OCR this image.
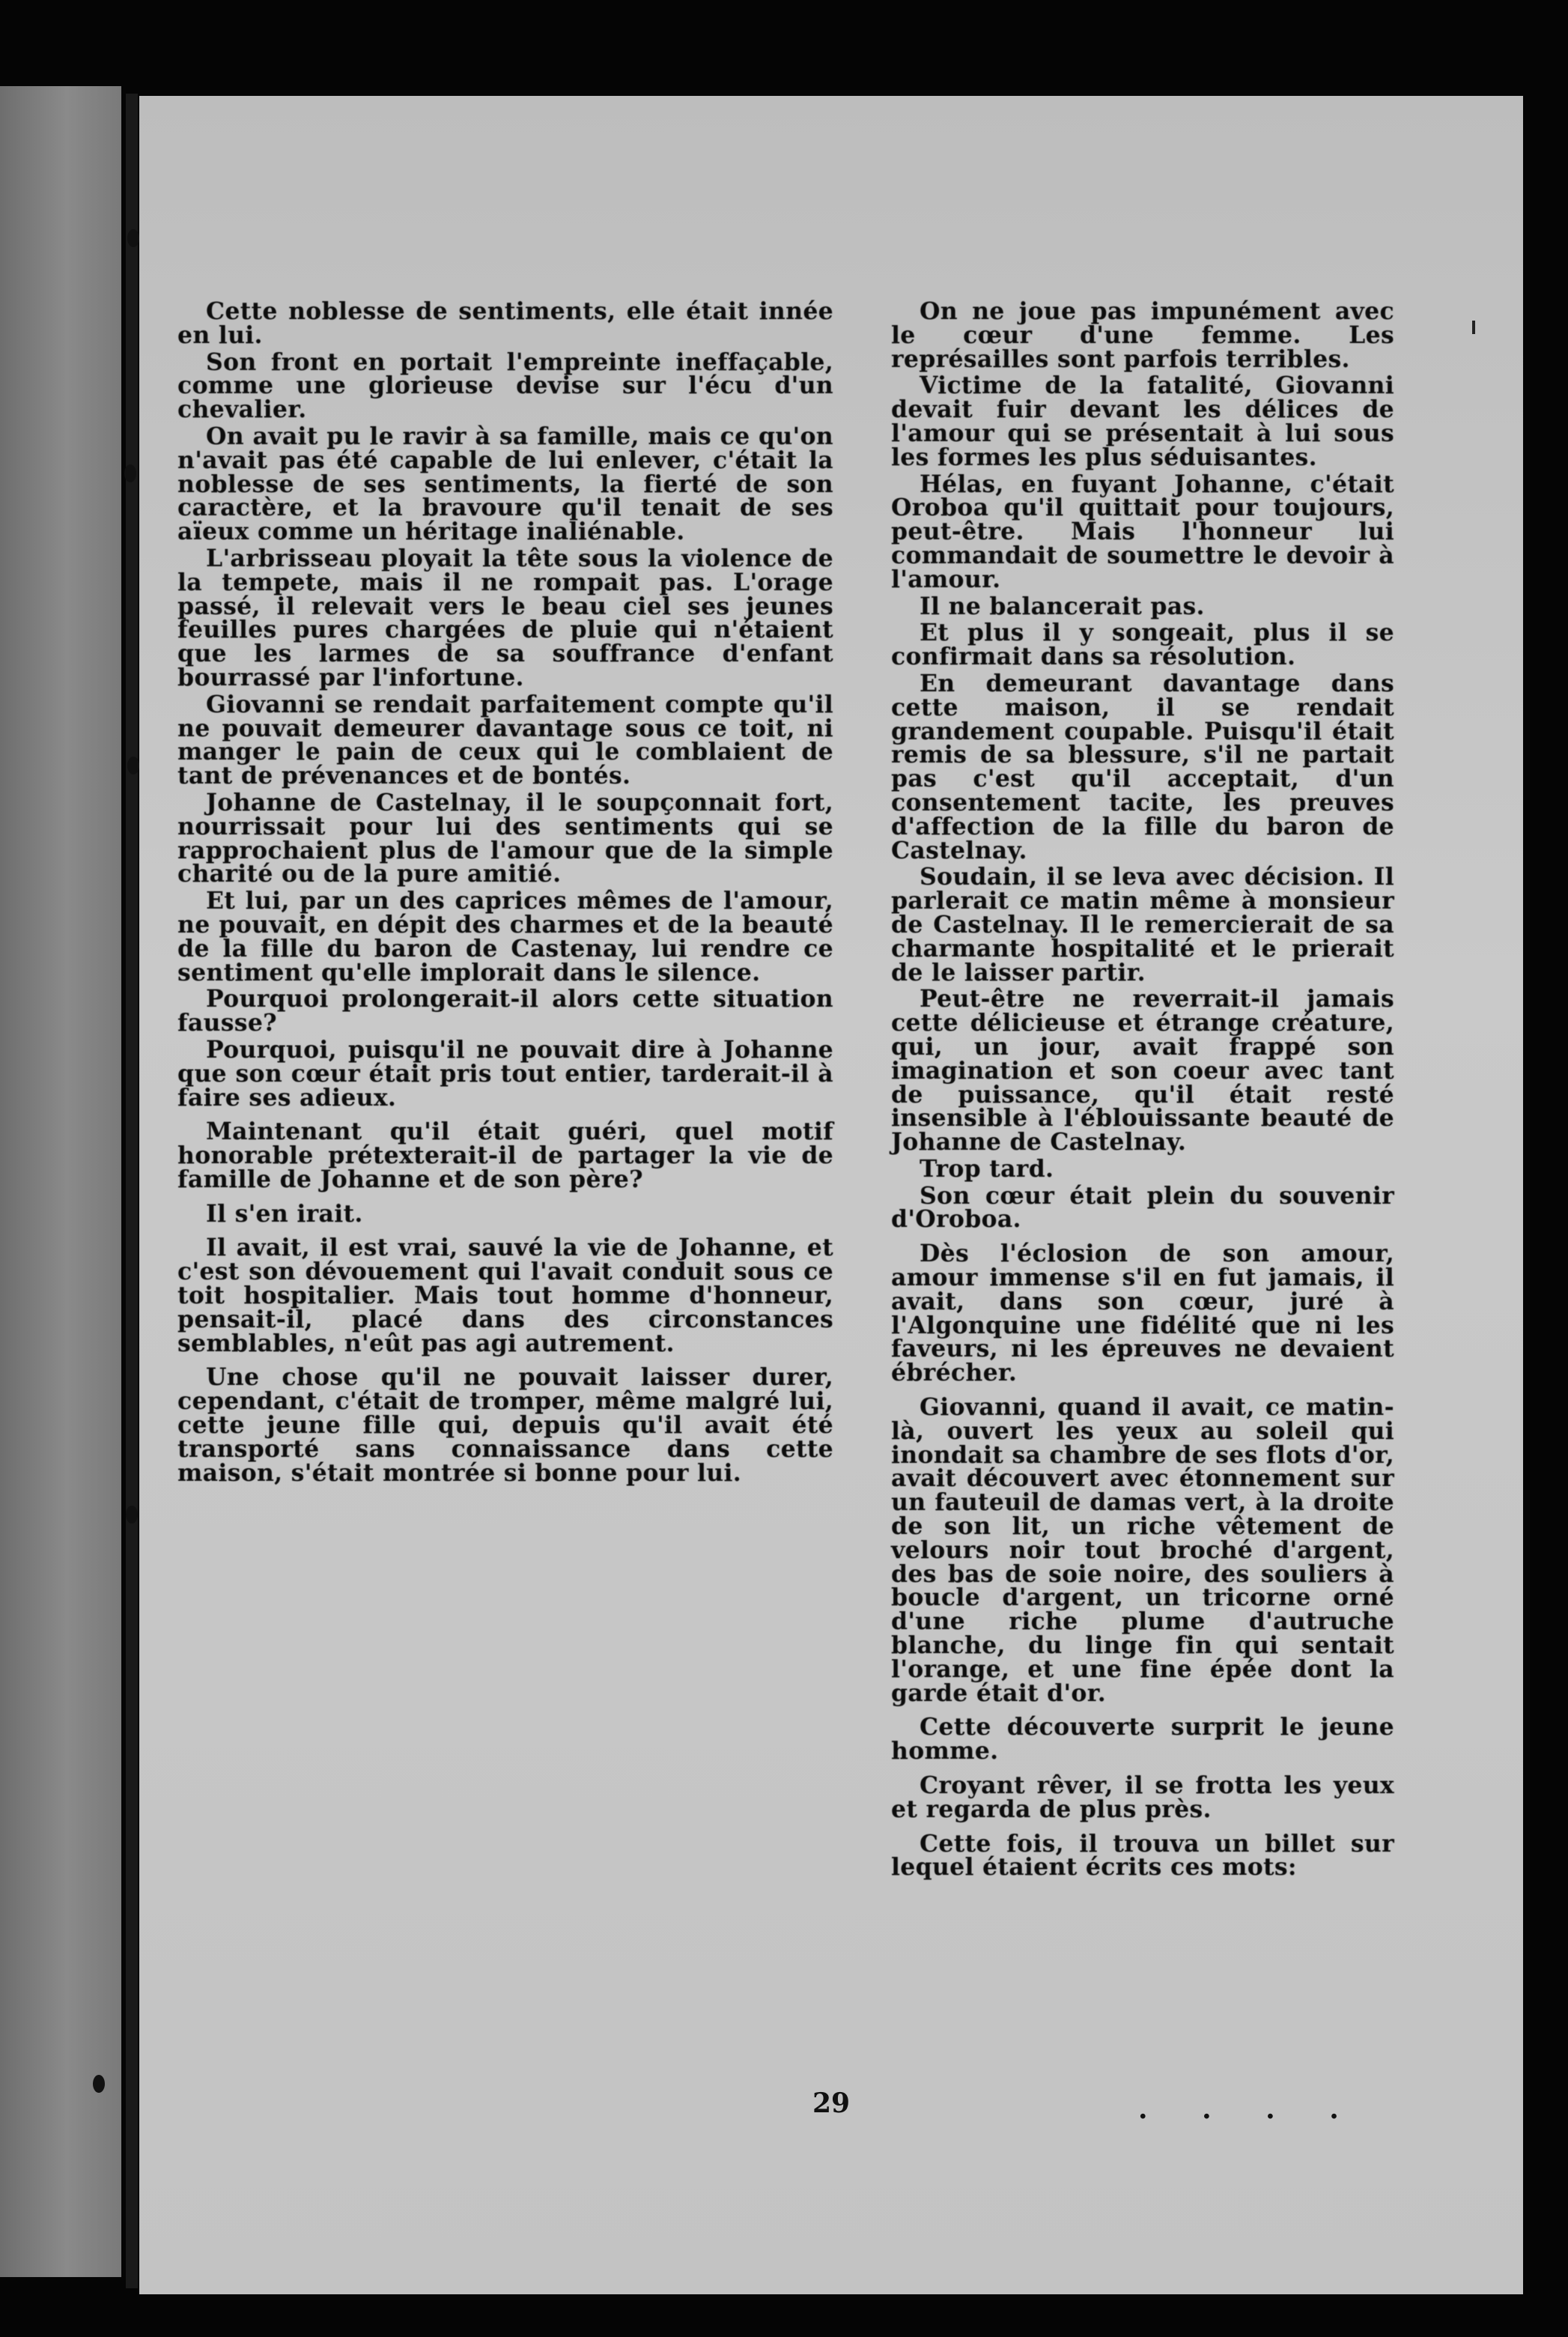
Cette noblesse de sentiments, elle était innée en lui.

Son front en portait l'empreinte ineffaçable, comme une glorieuse devise sur l'écu d'un chevalier.

On avait pu le ravir à sa famille, mais ce qu'on n'avait pas été capable de lui enlever, c'était la noblesse de ses sentiments, la fierté de son caractère, et la bravoure qu'il tenait de ses aïeux comme un héritage inaliénable.

L'arbrisseau ployait la tête sous la violence de la tempete, mais il ne rompait pas. L'orage passé, il relevait vers le beau ciel ses jeunes feuilles pures chargées de pluie qui n'étaient que les larmes de sa souffrance d'enfant bourrassé par l'infortune.

Giovanni se rendait parfaitement compte qu'il ne pouvait demeurer davantage sous ce toit, ni manger le pain de ceux qui le comblaient de tant de prévenances et de bontés.

Johanne de Castelnay, il le soupçonnait fort, nourrissait pour lui des sentiments qui se rapprochaient plus de l'amour que de la simple charité ou de la pure amitié.

Et lui, par un des caprices mêmes de l'amour, ne pouvait, en dépit des charmes et de la beauté de la fille du baron de Castenay, lui rendre ce sentiment qu'elle implorait dans le silence.

Pourquoi prolongerait-il alors cette situation fausse?

Pourquoi, puisqu'il ne pouvait dire à Johanne que son cœur était pris tout entier, tarderait-il à faire ses adieux.

Maintenant qu'il était guéri, quel motif honorable prétexterait-il de partager la vie de famille de Johanne et de son père?

Il s'en irait.

Il avait, il est vrai, sauvé la vie de Johanne, et c'est son dévouement qui l'avait conduit sous ce toit hospitalier. Mais tout homme d'honneur, pensait-il, placé dans des circonstances semblables, n'eût pas agi autrement.

Une chose qu'il ne pouvait laisser durer, cependant, c'était de tromper, même malgré lui, cette jeune fille qui, depuis qu'il avait été transporté sans connaissance dans cette maison, s'était montrée si bonne pour lui.

On ne joue pas impunément avec le cœur d'une femme. Les représailles sont parfois terribles.

Victime de la fatalité, Giovanni devait fuir devant les délices de l'amour qui se présentait à lui sous les formes les plus séduisantes.

Hélas, en fuyant Johanne, c'était Oroboa qu'il quittait pour toujours, peut-être. Mais l'honneur lui commandait de soumettre le devoir à l'amour.

Il ne balancerait pas.

Et plus il y songeait, plus il se confirmait dans sa résolution.

En demeurant davantage dans cette maison, il se rendait grandement coupable. Puisqu'il était remis de sa blessure, s'il ne partait pas c'est qu'il acceptait, d'un consentement tacite, les preuves d'affection de la fille du baron de Castelnay.

Soudain, il se leva avec décision. Il parlerait ce matin même à monsieur de Castelnay. Il le remercierait de sa charmante hospitalité et le prierait de le laisser partir.

Peut-être ne reverrait-il jamais cette délicieuse et étrange créature, qui, un jour, avait frappé son imagination et son coeur avec tant de puissance, qu'il était resté insensible à l'éblouissante beauté de Johanne de Castelnay.

Trop tard.

Son cœur était plein du souvenir d'Oroboa.

Dès l'éclosion de son amour, amour immense s'il en fut jamais, il avait, dans son cœur, juré à l'Algonquine une fidélité que ni les faveurs, ni les épreuves ne devaient ébrécher.

Giovanni, quand il avait, ce matin-là, ouvert les yeux au soleil qui inondait sa chambre de ses flots d'or, avait découvert avec étonnement sur un fauteuil de damas vert, à la droite de son lit, un riche vêtement de velours noir tout broché d'argent, des bas de soie noire, des souliers à boucle d'argent, un tricorne orné d'une riche plume d'autruche blanche, du linge fin qui sentait l'orange, et une fine épée dont la garde était d'or.

Cette découverte surprit le jeune homme.

Croyant rêver, il se frotta les yeux et regarda de plus près.

Cette fois, il trouva un billet sur lequel étaient écrits ces mots:

29	. . . .
